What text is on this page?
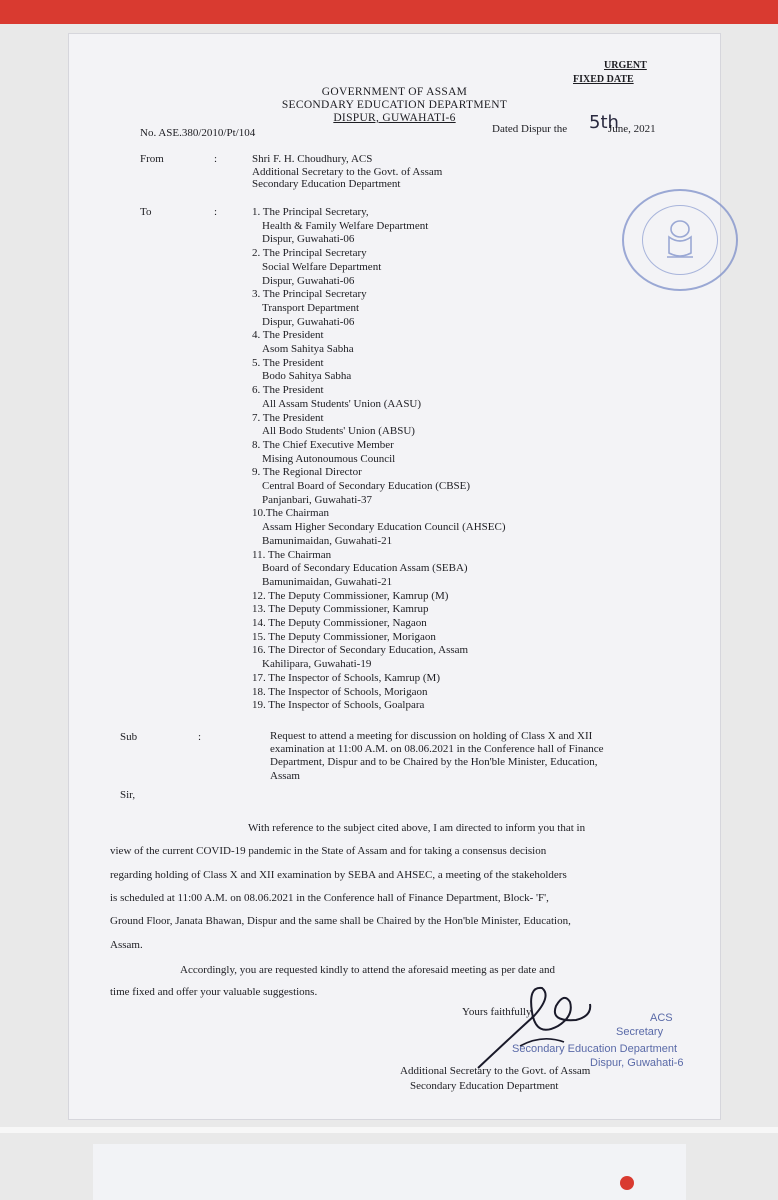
URGENT
FIXED DATE
GOVERNMENT OF ASSAM
SECONDARY EDUCATION DEPARTMENT
DISPUR, GUWAHATI-6
No. ASE.380/2010/Pt/104	Dated Dispur the 5th
June, 2021
From	:	Shri F. H. Choudhury, ACS
Additional Secretary to the Govt. of Assam
Secondary Education Department
To	:	1. The Principal Secretary,
Health & Family Welfare Department
Dispur, Guwahati-06
2. The Principal Secretary
Social Welfare Department
Dispur, Guwahati-06
3. The Principal Secretary
Transport Department
Dispur, Guwahati-06
4. The President
Asom Sahitya Sabha
5. The President
Bodo Sahitya Sabha
6. The President
All Assam Students' Union (AASU)
7. The President
All Bodo Students' Union (ABSU)
8. The Chief Executive Member
Mising Autonoumous Council
9. The Regional Director
Central Board of Secondary Education (CBSE)
Panjanbari, Guwahati-37
10.The Chairman
Assam Higher Secondary Education Council (AHSEC)
Bamunimaidan, Guwahati-21
11. The Chairman
Board of Secondary Education Assam (SEBA)
Bamunimaidan, Guwahati-21
12. The Deputy Commissioner, Kamrup (M)
13. The Deputy Commissioner, Kamrup
14. The Deputy Commissioner, Nagaon
15. The Deputy Commissioner, Morigaon
16. The Director of Secondary Education, Assam
Kahilipara, Guwahati-19
17. The Inspector of Schools, Kamrup (M)
18. The Inspector of Schools, Morigaon
19. The Inspector of Schools, Goalpara
Sub	:	Request to attend a meeting for discussion on holding of Class X and XII
examination at 11:00 A.M. on 08.06.2021 in the Conference hall of Finance
Department, Dispur and to be Chaired by the Hon'ble Minister, Education,
Assam
Sir,
With reference to the subject cited above, I am directed to inform you that in
view of the current COVID-19 pandemic in the State of Assam and for taking a consensus decision
regarding holding of Class X and XII examination by SEBA and AHSEC, a meeting of the stakeholders
is scheduled at 11:00 A.M. on 08.06.2021 in the Conference hall of Finance Department, Block- 'F',
Ground Floor, Janata Bhawan, Dispur and the same shall be Chaired by the Hon'ble Minister, Education,
Assam.
Accordingly, you are requested kindly to attend the aforesaid meeting as per date and
time fixed and offer your valuable suggestions.
Yours faithfully,	ACS
Secretary
Secondary Education Department
Dispur, Guwahati-6
Additional Secretary to the Govt. of Assam
Secondary Education Department
